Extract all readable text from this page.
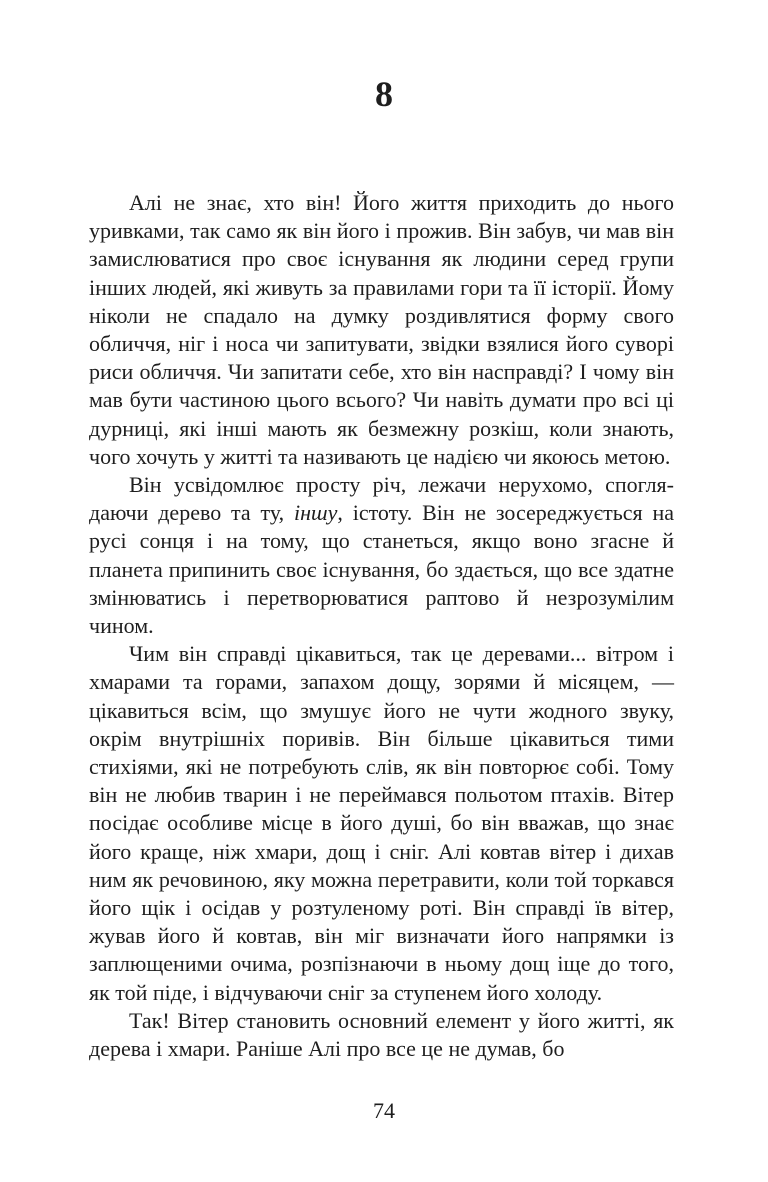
8

Алі не знає, хто він! Його життя приходить до нього уривками, так само як він його і прожив. Він забув, чи мав він замислюватися про своє існування як людини серед групи інших людей, які живуть за правилами гори та її історії. Йому ніколи не спадало на думку роздивлятися форму свого обличчя, ніг і носа чи запитувати, звідки взялися його суворі риси обличчя. Чи запитати себе, хто він насправді? І чому він мав бути частиною цього всього? Чи навіть думати про всі ці дурниці, які інші мають як безмежну розкіш, коли знають, чого хочуть у житті та називають це надією чи якоюсь метою.

Він усвідомлює просту річ, лежачи нерухомо, споглядаючи дерево та ту, іншу, істоту. Він не зосереджується на русі сонця і на тому, що станеться, якщо воно згасне й планета припинить своє існування, бо здається, що все здатне змінюватись і перетворюватися раптово й незрозумілим чином.

Чим він справді цікавиться, так це деревами... вітром і хмарами та горами, запахом дощу, зорями й місяцем, — цікавиться всім, що змушує його не чути жодного звуку, окрім внутрішніх поривів. Він більше цікавиться тими стихіями, які не потребують слів, як він повторює собі. Тому він не любив тварин і не переймався польотом птахів. Вітер посідає особливе місце в його душі, бо він вважав, що знає його краще, ніж хмари, дощ і сніг. Алі ковтав вітер і дихав ним як речовиною, яку можна перетравити, коли той торкався його щік і осідав у розтуленому роті. Він справді їв вітер, жував його й ковтав, він міг визначати його напрямки із заплющеними очима, розпізнаючи в ньому дощ іще до того, як той піде, і відчуваючи сніг за ступенем його холоду.

Так! Вітер становить основний елемент у його житті, як дерева і хмари. Раніше Алі про все це не думав, бо

74
